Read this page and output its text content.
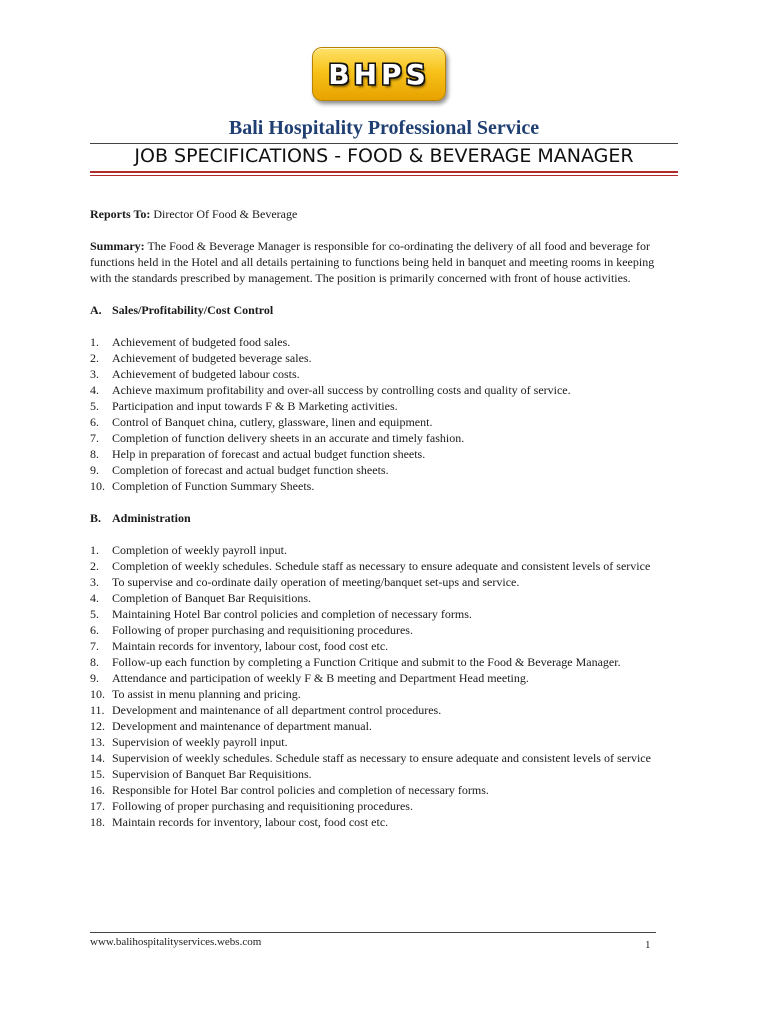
BHPS
Bali Hospitality Professional Service
JOB SPECIFICATIONS - FOOD & BEVERAGE MANAGER

Reports To: Director Of Food & Beverage

Summary: The Food & Beverage Manager is responsible for co-ordinating the delivery of all food and beverage for functions held in the Hotel and all details pertaining to functions being held in banquet and meeting rooms in keeping with the standards prescribed by management. The position is primarily concerned with front of house activities.

A. Sales/Profitability/Cost Control

1.	Achievement of budgeted food sales.
2.	Achievement of budgeted beverage sales.
3.	Achievement of budgeted labour costs.
4.	Achieve maximum profitability and over-all success by controlling costs and quality of service.
5.	Participation and input towards F & B Marketing activities.
6.	Control of Banquet china, cutlery, glassware, linen and equipment.
7.	Completion of function delivery sheets in an accurate and timely fashion.
8.	Help in preparation of forecast and actual budget function sheets.
9.	Completion of forecast and actual budget function sheets.
10. Completion of Function Summary Sheets.

B. Administration

1.	Completion of weekly payroll input.
2.	Completion of weekly schedules. Schedule staff as necessary to ensure adequate and consistent levels of service
3.	To supervise and co-ordinate daily operation of meeting/banquet set-ups and service.
4.	Completion of Banquet Bar Requisitions.
5.	Maintaining Hotel Bar control policies and completion of necessary forms.
6.	Following of proper purchasing and requisitioning procedures.
7.	Maintain records for inventory, labour cost, food cost etc.
8.	Follow-up each function by completing a Function Critique and submit to the Food & Beverage Manager.
9.	Attendance and participation of weekly F & B meeting and Department Head meeting.
10. To assist in menu planning and pricing.
11. Development and maintenance of all department control procedures.
12. Development and maintenance of department manual.
13. Supervision of weekly payroll input.
14. Supervision of weekly schedules. Schedule staff as necessary to ensure adequate and consistent levels of service
15. Supervision of Banquet Bar Requisitions.
16. Responsible for Hotel Bar control policies and completion of necessary forms.
17. Following of proper purchasing and requisitioning procedures.
18. Maintain records for inventory, labour cost, food cost etc.
www.balihospitalityservices.webs.com	1
